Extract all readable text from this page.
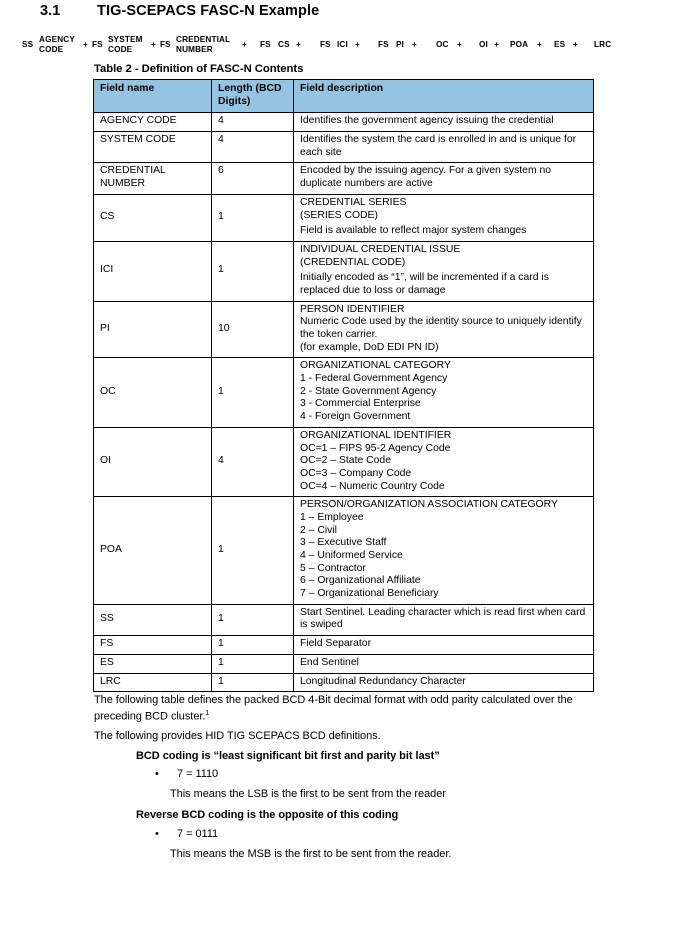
3.1	TIG-SCEPACS FASC-N Example
SS
AGENCY
CODE
+ FS
SYSTEM
CODE
+ FS
CREDENTIAL
NUMBER
+ FS CS + FS ICI + FS PI + OC + OI + POA + ES + LRC
Table 2 - Definition of FASC-N Contents
Field name	Length (BCD Digits)	Field description

AGENCY CODE	4	Identifies the government agency issuing the credential

SYSTEM CODE	4	Identifies the system the card is enrolled in and is unique for each site

CREDENTIAL
NUMBER	6	Encoded by the issuing agency. For a given system no duplicate numbers are active

CS	1	CREDENTIAL SERIES
(SERIES CODE)
Field is available to reflect major system changes

ICI	1	INDIVIDUAL CREDENTIAL ISSUE
(CREDENTIAL CODE)
Initially encoded as “1”, will be incremented if a card is replaced due to loss or damage

PI	10	PERSON IDENTIFIER
Numeric Code used by the identity source to uniquely identify the token carrier.
(for example, DoD EDI PN ID)

OC	1	ORGANIZATIONAL CATEGORY
1 - Federal Government Agency
2 - State Government Agency
3 - Commercial Enterprise
4 - Foreign Government

OI	4	ORGANIZATIONAL IDENTIFIER
OC=1 – FIPS 95-2 Agency Code
OC=2 – State Code
OC=3 – Company Code
OC=4 – Numeric Country Code

POA	1	
PERSON/ORGANIZATION ASSOCIATION CATEGORY
1 – Employee
2 – Civil
3 – Executive Staff
4 – Uniformed Service
5 – Contractor
6 – Organizational Affiliate
7 – Organizational Beneficiary

SS	1	Start Sentinel. Leading character which is read first when card is swiped

FS	1	Field Separator

ES	1	End Sentinel

LRC	1	Longitudinal Redundancy Character
The following table defines the packed BCD 4-Bit decimal format with odd parity calculated over the preceding BCD cluster.$^1$
The following provides HID TIG SCEPACS BCD definitions.
BCD coding is “least significant bit first and parity bit last”
• 7 = 1110
This means the LSB is the first to be sent from the reader
Reverse BCD coding is the opposite of this coding
• 7 = 0111
This means the MSB is the first to be sent from the reader.
